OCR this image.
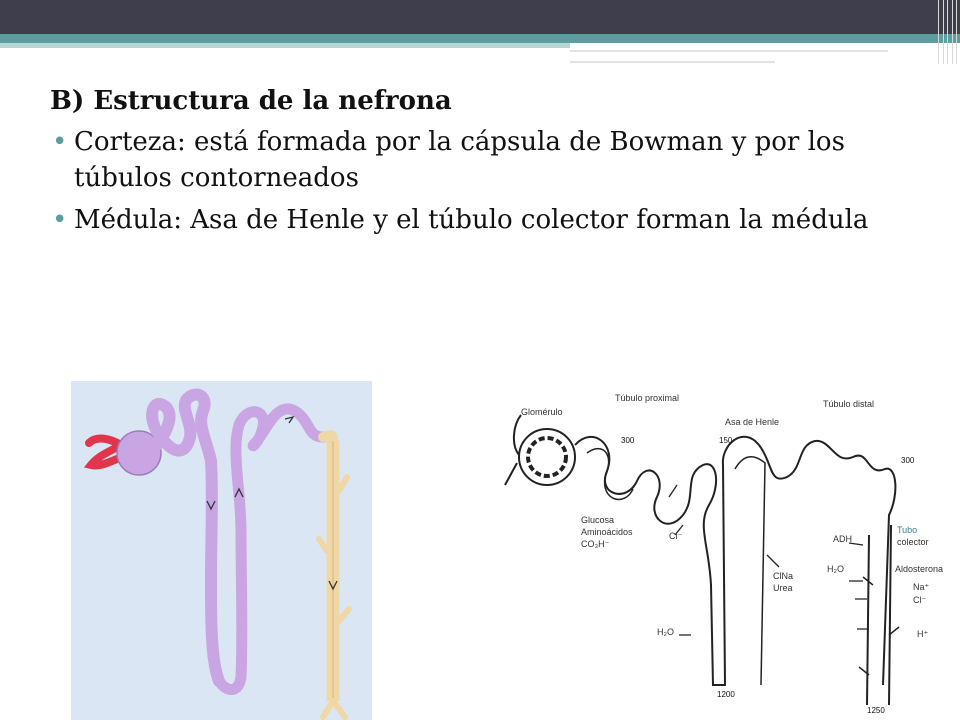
B) Estructura de la nefrona

• Corteza: está formada por la cápsula de Bowman y por los túbulos contorneados

• Médula: Asa de Henle y el túbulo colector forman la médula

Glomérulo
Túbulo proximal
Asa de Henle
Túbulo distal
Glucosa
Aminoácidos
CO₃H⁻
Cl⁻	ADH
Tubo
colector
H₂O	Aldosterona
ClNa
Urea	Na⁺
Cl⁻
H₂O	H⁺
300	150
300
1200
1250
